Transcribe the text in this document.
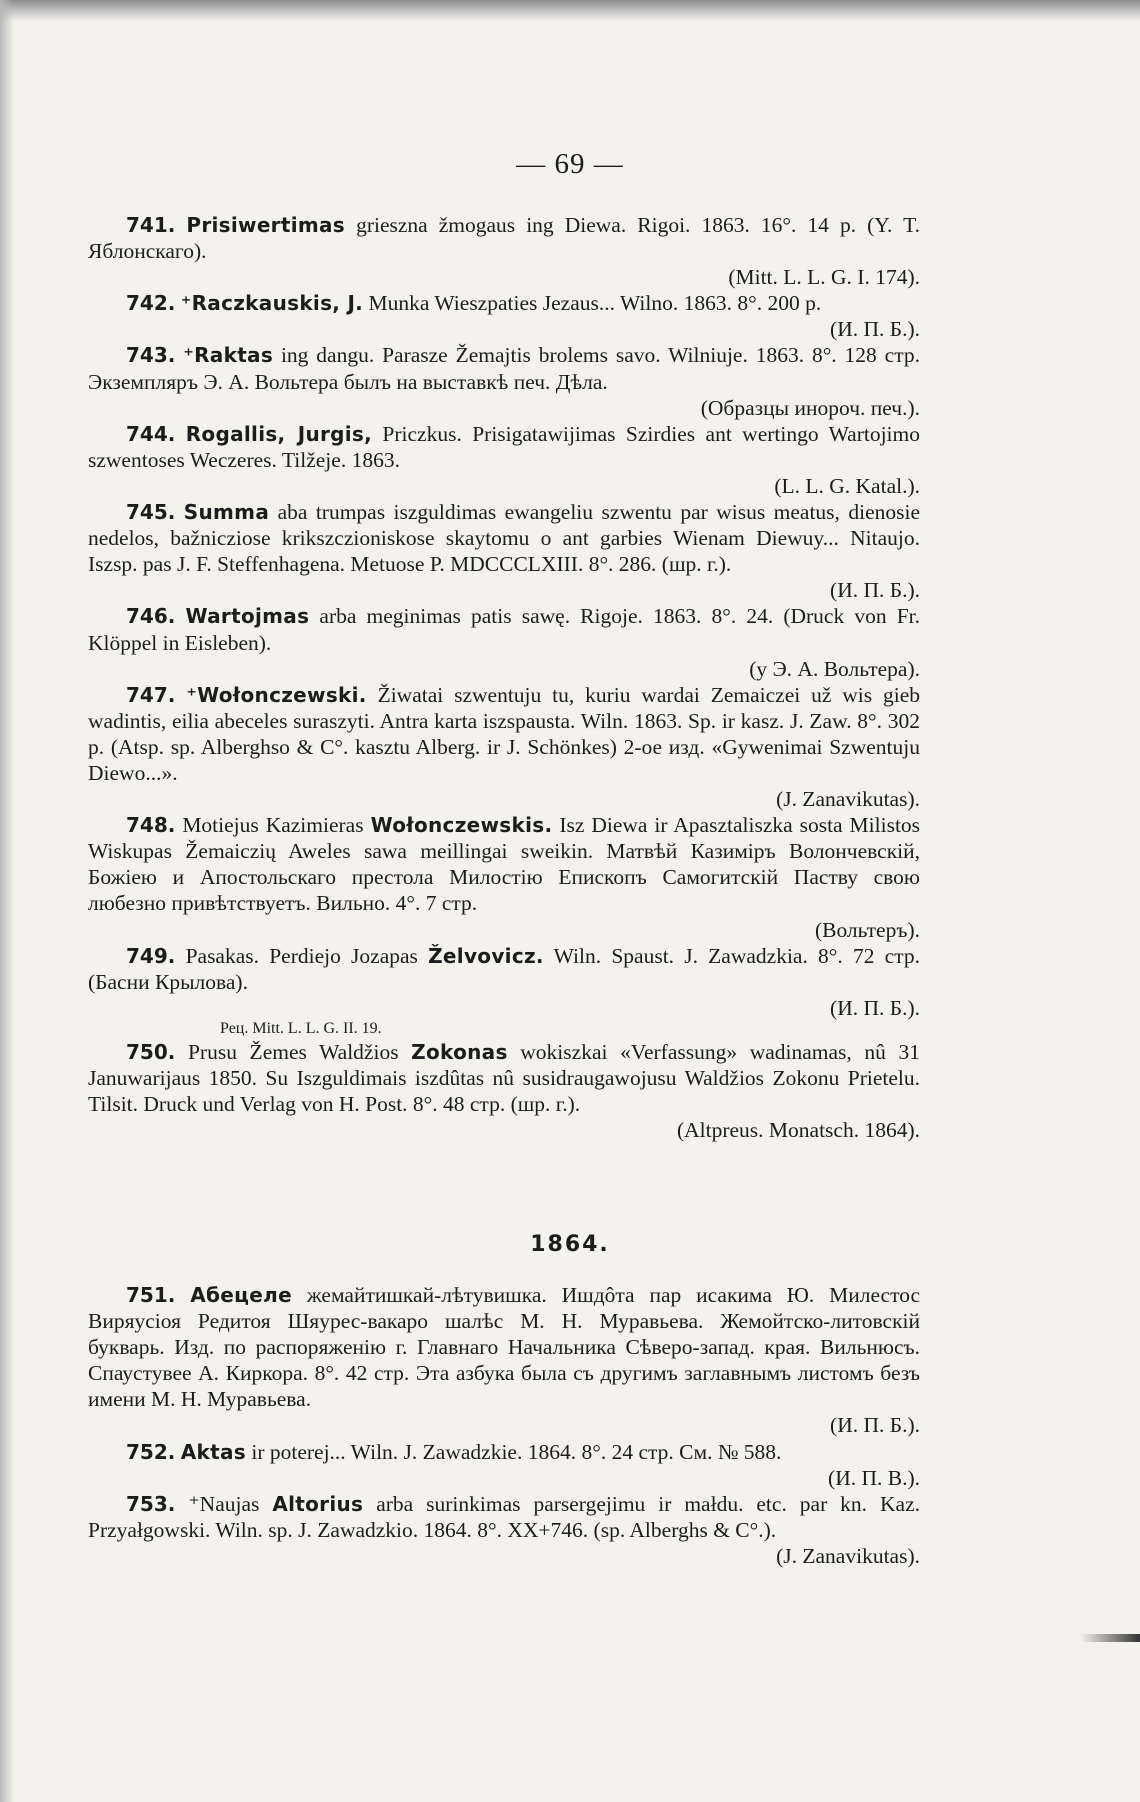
— 69 —

741. Prisiwertimas grieszna žmogaus ing Diewa. Rigoi. 1863. 16°. 14 p. (Y. T. Яблонскаго).
(Mitt. L. L. G. I. 174).

742. ⁺Raczkauskis, J. Munka Wieszpaties Jezaus... Wilno. 1863. 8°. 200 p.
(И. П. Б.).

743. ⁺Raktas ing dangu. Parasze Žemajtis brolems savo. Wilniuje. 1863. 8°. 128 стр. Экземпляръ Э. А. Вольтера былъ на выставкѣ печ. Дѣла.
(Образцы инороч. печ.).

744. Rogallis, Jurgis, Priczkus. Prisigatawijimas Szirdies ant wertingo Wartojimo szwentoses Weczeres. Tilžeje. 1863.
(L. L. G. Katal.).

745. Summa aba trumpas iszguldimas ewangeliu szwentu par wisus meatus, dienosie nedelos, bažnicziose krikszczioniskose skaytomu o ant garbies Wienam Diewuy... Nitaujo. Iszsp. pas J. F. Steffenhagena. Metuose P. MDCCCLXIII. 8°. 286. (шр. г.).
(И. П. Б.).

746. Wartojmas arba meginimas patis sawę. Rigoje. 1863. 8°. 24. (Druck von Fr. Klöppel in Eisleben).
(у Э. А. Вольтера).

747. ⁺Wołonczewski. Žiwatai szwentuju tu, kuriu wardai Zemaiczei už wis gieb wadintis, eilia abeceles suraszyti. Antra karta iszspausta. Wiln. 1863. Sp. ir kasz. J. Zaw. 8°. 302 p. (Atsp. sp. Alberghso & C°. kasztu Alberg. ir J. Schönkes) 2-ое изд. «Gywenimai Szwentuju Diewo...».
(J. Zanavikutas).

748. Motiejus Kazimieras Wołonczewskis. Isz Diewa ir Apasztaliszka sosta Milistos Wiskupas Žemaiczių Aweles sawa meillingai sweikin. Матвѣй Казиміръ Волончевскій, Божіею и Апостольскаго престола Милостію Епископъ Самогитскій Паству свою любезно привѣтствуетъ. Вильно. 4°. 7 стр.
(Вольтеръ).

749. Pasakas. Perdiejo Jozapas Želvovicz. Wiln. Spaust. J. Zawadzkia. 8°. 72 стр. (Басни Крылова).
(И. П. Б.).

Рец. Mitt. L. L. G. II. 19.

750. Prusu Žemes Waldžios Zokonas wokiszkai «Verfassung» wadinamas, nû 31 Januwarijaus 1850. Su Iszguldimais iszdûtas nû susidraugawojusu Waldžios Zokonu Prietelu. Tilsit. Druck und Verlag von H. Post. 8°. 48 стр. (шр. г.).
(Altpreus. Monatsch. 1864).

1864.

751. Абецеле жемайтишкай-лѣтувишка. Ишдôта пар исакима Ю. Милестос Виряусіоя Редитоя Шяурес-вакаро шалѣс М. Н. Муравьева. Жемойтско-литовскій букварь. Изд. по распоряженію г. Главнаго Начальника Сѣверо-запад. края. Вильнюсъ. Спаустувее А. Киркора. 8°. 42 стр. Эта азбука была съ другимъ заглавнымъ листомъ безъ имени М. Н. Муравьева.
(И. П. Б.).

752. Aktas ir poterej... Wiln. J. Zawadzkie. 1864. 8°. 24 стр. См. № 588.
(И. П. В.).

753. ⁺Naujas Altorius arba surinkimas parsergejimu ir małdu. etc. par kn. Kaz. Przyałgowski. Wiln. sp. J. Zawadzkio. 1864. 8°. XX+746. (sp. Alberghs & C°.).
(J. Zanavikutas).
